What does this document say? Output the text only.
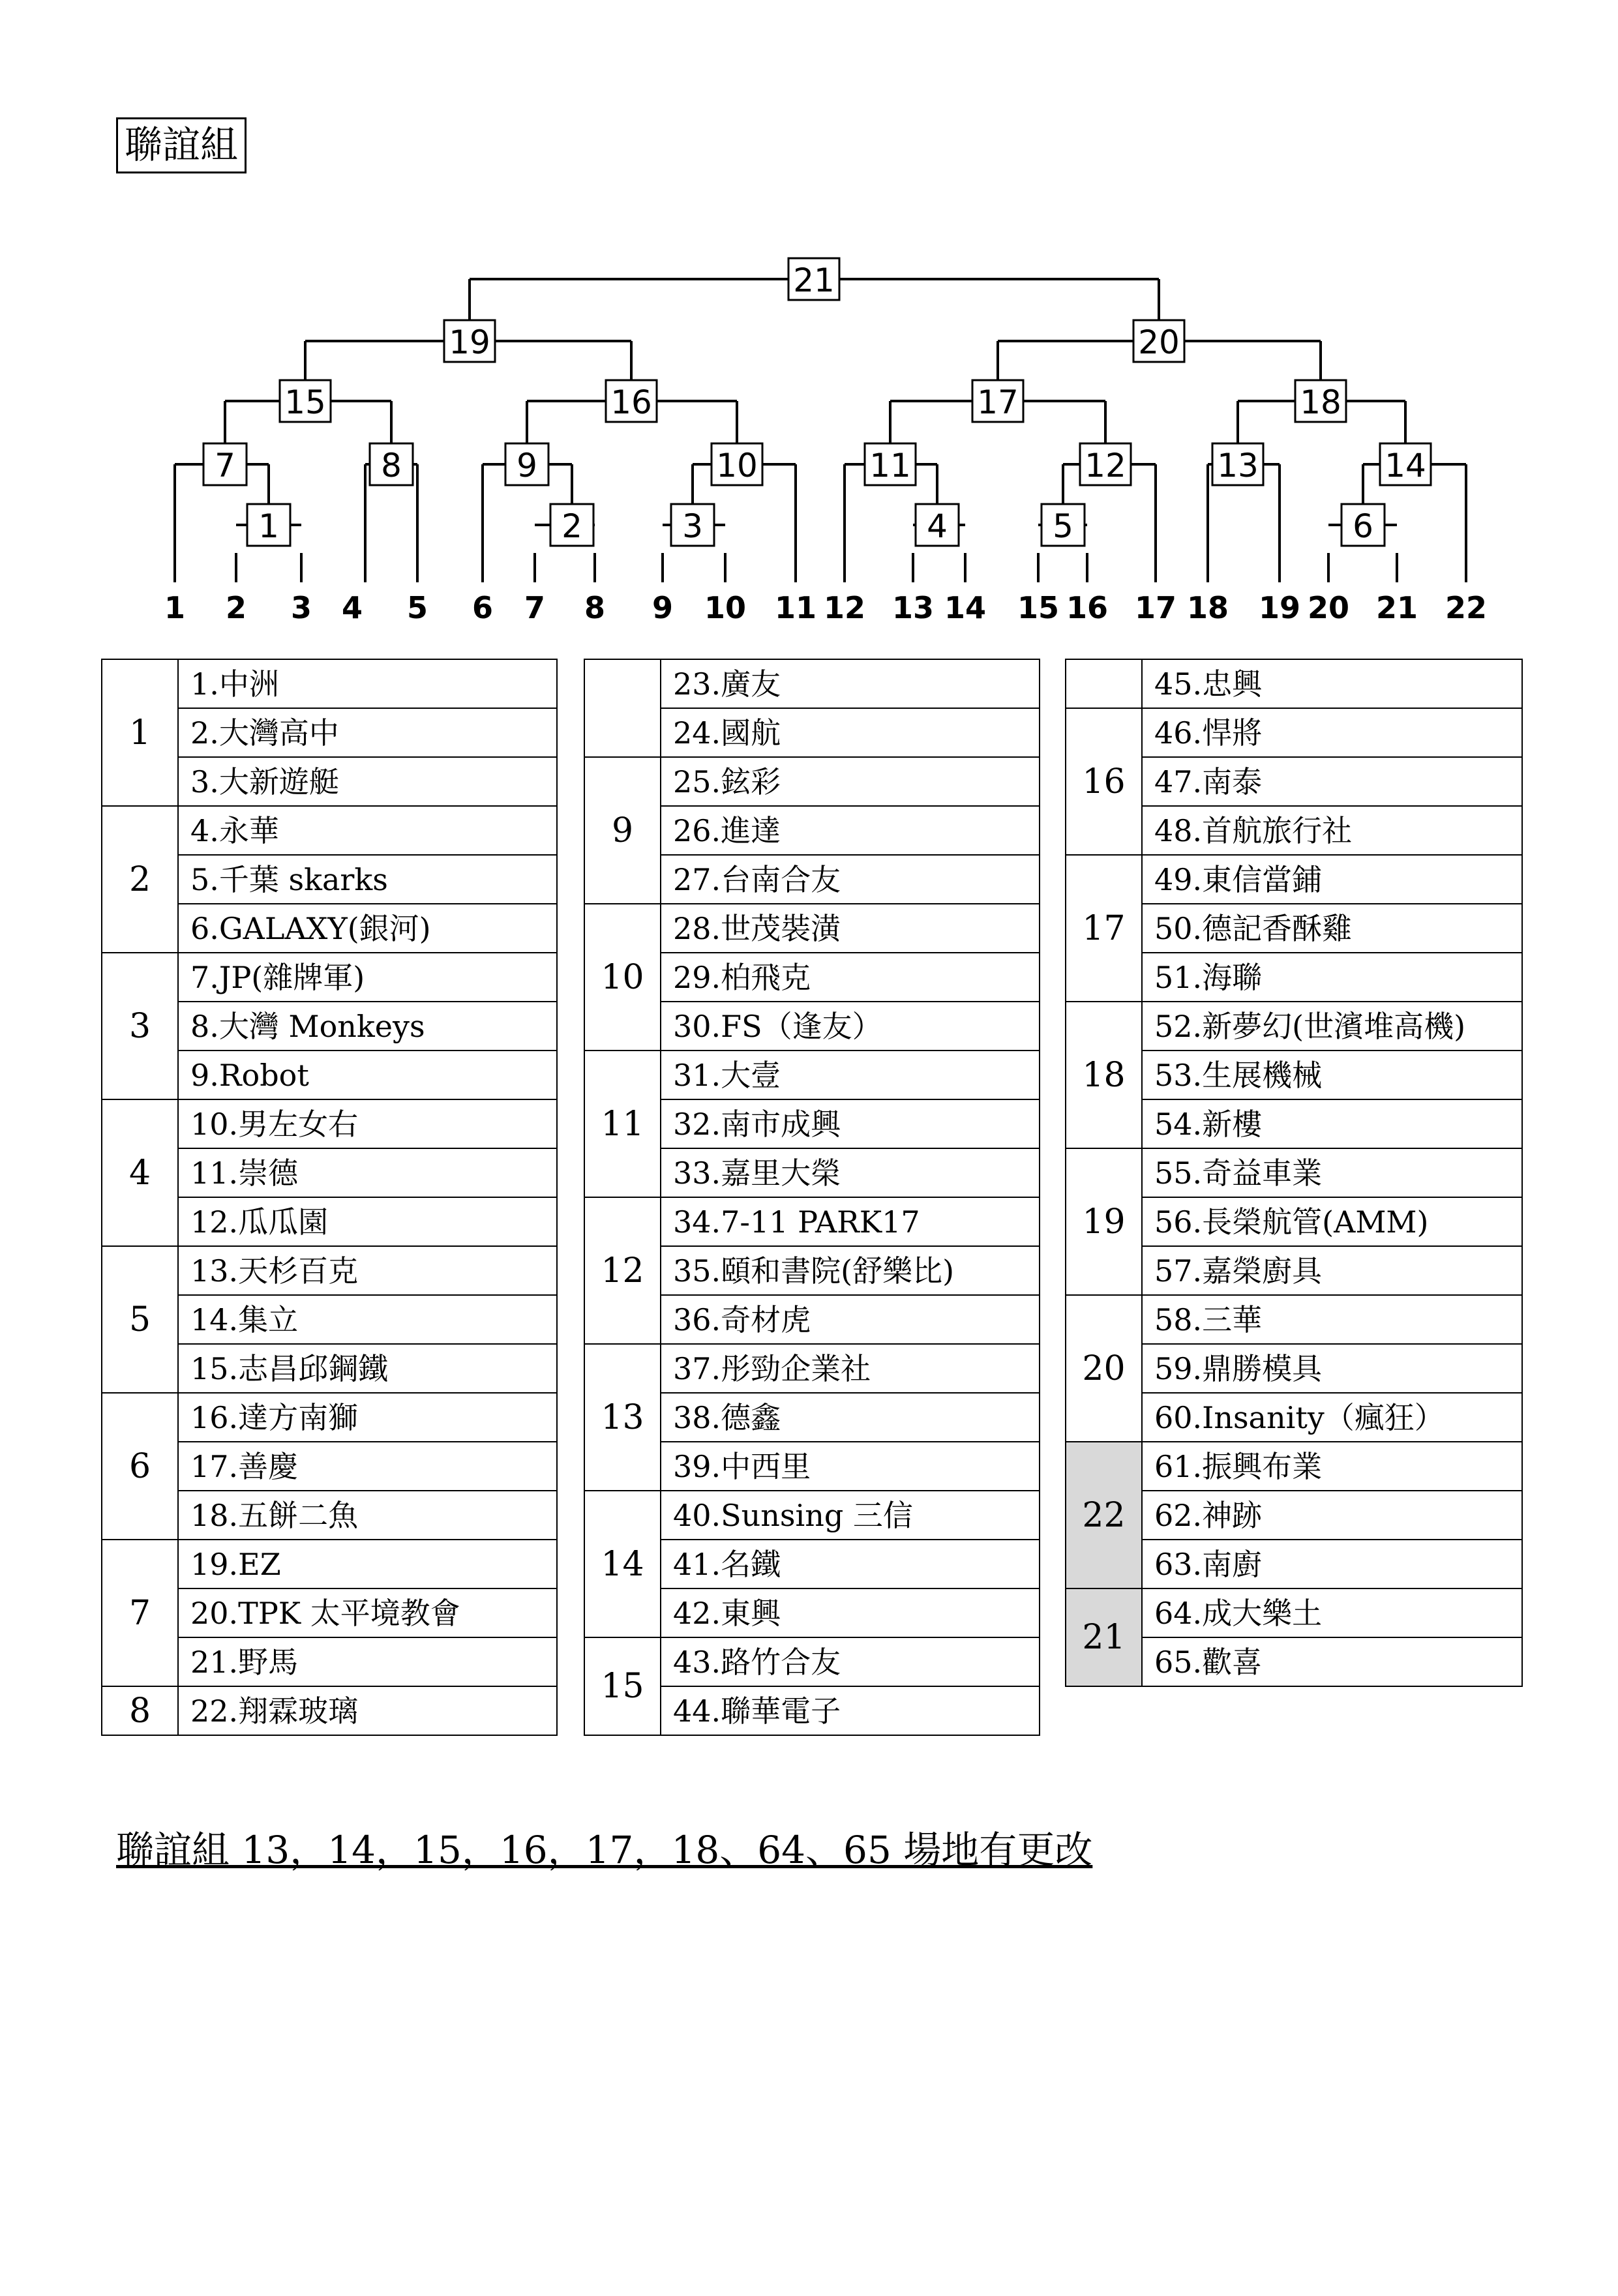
聯誼組
1	2	3	4	5	6
7	8	9	10	11	12	13	14
15	16	17	18
19	20
21
1 2 3 4 5 6 7 8 9 10 11 12 13 14 15 16 17 18 19 20 21 22
1	1.中洲
	2.大灣高中
	3.大新遊艇
2	4.永華
	5.千葉 skarks
	6.GALAXY(銀河)
3	7.JP(雜牌軍)
	8.大灣 Monkeys
	9.Robot
4	10.男左女右
	11.崇德
	12.瓜瓜園
5	13.天杉百克
	14.集立
	15.志昌邱鋼鐵
6	16.達方南獅
	17.善慶
	18.五餅二魚
7	19.EZ
	20.TPK 太平境教會
	21.野馬
8	22.翔霖玻璃
	23.廣友
	24.國航
9	25.鉉彩
	26.進達
	27.台南合友
10	28.世茂裝潢
	29.柏飛克
	30.FS（逢友）
11	31.大壹
	32.南市成興
	33.嘉里大榮
12	34.7-11 PARK17
	35.頤和書院(舒樂比)
	36.奇材虎
13	37.彤勁企業社
	38.德鑫
	39.中西里
14	40.Sunsing 三信
	41.名鐵
	42.東興
15	43.路竹合友
	44.聯華電子
	45.忠興
16	46.悍將
	47.南泰
	48.首航旅行社
17	49.東信當鋪
	50.德記香酥雞
	51.海聯
18	52.新夢幻(世濱堆高機)
	53.生展機械
	54.新樓
19	55.奇益車業
	56.長榮航管(AMM)
	57.嘉榮廚具
20	58.三華
	59.鼎勝模具
	60.Insanity（瘋狂）
22	61.振興布業
	62.神跡
	63.南廚
21	64.成大樂土
	65.歡喜
聯誼組 13，14，15，16，17，18、64、65 場地有更改
